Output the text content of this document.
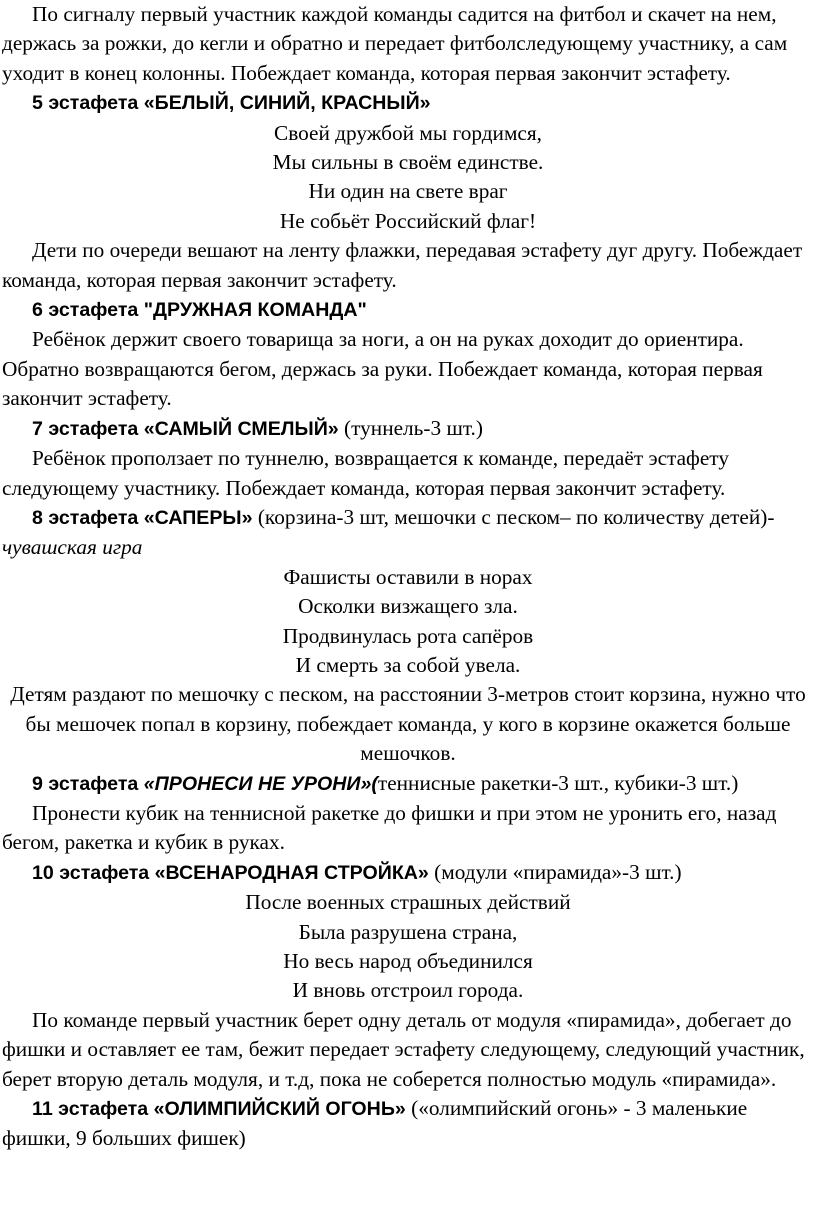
По сигналу первый участник каждой команды садится на фитбол и скачет на нем, держась за рожки, до кегли и обратно и передает фитболследующему участнику, а сам уходит в конец колонны. Побеждает команда, которая первая закончит эстафету.

5 эстафета «БЕЛЫЙ, СИНИЙ, КРАСНЫЙ»

Своей дружбой мы гордимся,

Мы сильны в своём единстве.

Ни один на свете враг

Не собьёт Российский флаг!

Дети по очереди вешают на ленту флажки, передавая эстафету дуг другу. Побеждает команда, которая первая закончит эстафету.

6 эстафета "ДРУЖНАЯ КОМАНДА"

Ребёнок держит своего товарища за ноги, а он на руках доходит до ориентира. Обратно возвращаются бегом, держась за руки. Побеждает команда, которая первая закончит эстафету.

7 эстафета «САМЫЙ СМЕЛЫЙ» (туннель-3 шт.)

Ребёнок проползает по туннелю, возвращается к команде, передаёт эстафету следующему участнику. Побеждает команда, которая первая закончит эстафету.

8 эстафета «САПЕРЫ» (корзина-3 шт, мешочки с песком– по количеству детей)- чувашская игра

Фашисты оставили в норах

Осколки визжащего зла.

Продвинулась рота сапёров

И смерть за собой увела.

Детям раздают по мешочку с песком, на расстоянии 3-метров стоит корзина, нужно что бы мешочек попал в корзину, побеждает команда, у кого в корзине окажется больше мешочков.

9 эстафета «ПРОНЕСИ НЕ УРОНИ»(теннисные ракетки-3 шт., кубики-3 шт.)

Пронести кубик на теннисной ракетке до фишки и при этом не уронить его, назад бегом, ракетка и кубик в руках.

10 эстафета «ВСЕНАРОДНАЯ СТРОЙКА» (модули «пирамида»-3 шт.)

После военных страшных действий

Была разрушена страна,

Но весь народ объединился

И вновь отстроил города.

По команде первый участник берет одну деталь от модуля «пирамида», добегает до фишки и оставляет ее там, бежит передает эстафету следующему, следующий участник, берет вторую деталь модуля, и т.д, пока не соберется полностью модуль «пирамида».

11 эстафета «ОЛИМПИЙСКИЙ ОГОНЬ» («олимпийский огонь» - 3 маленькие фишки, 9 больших фишек)
